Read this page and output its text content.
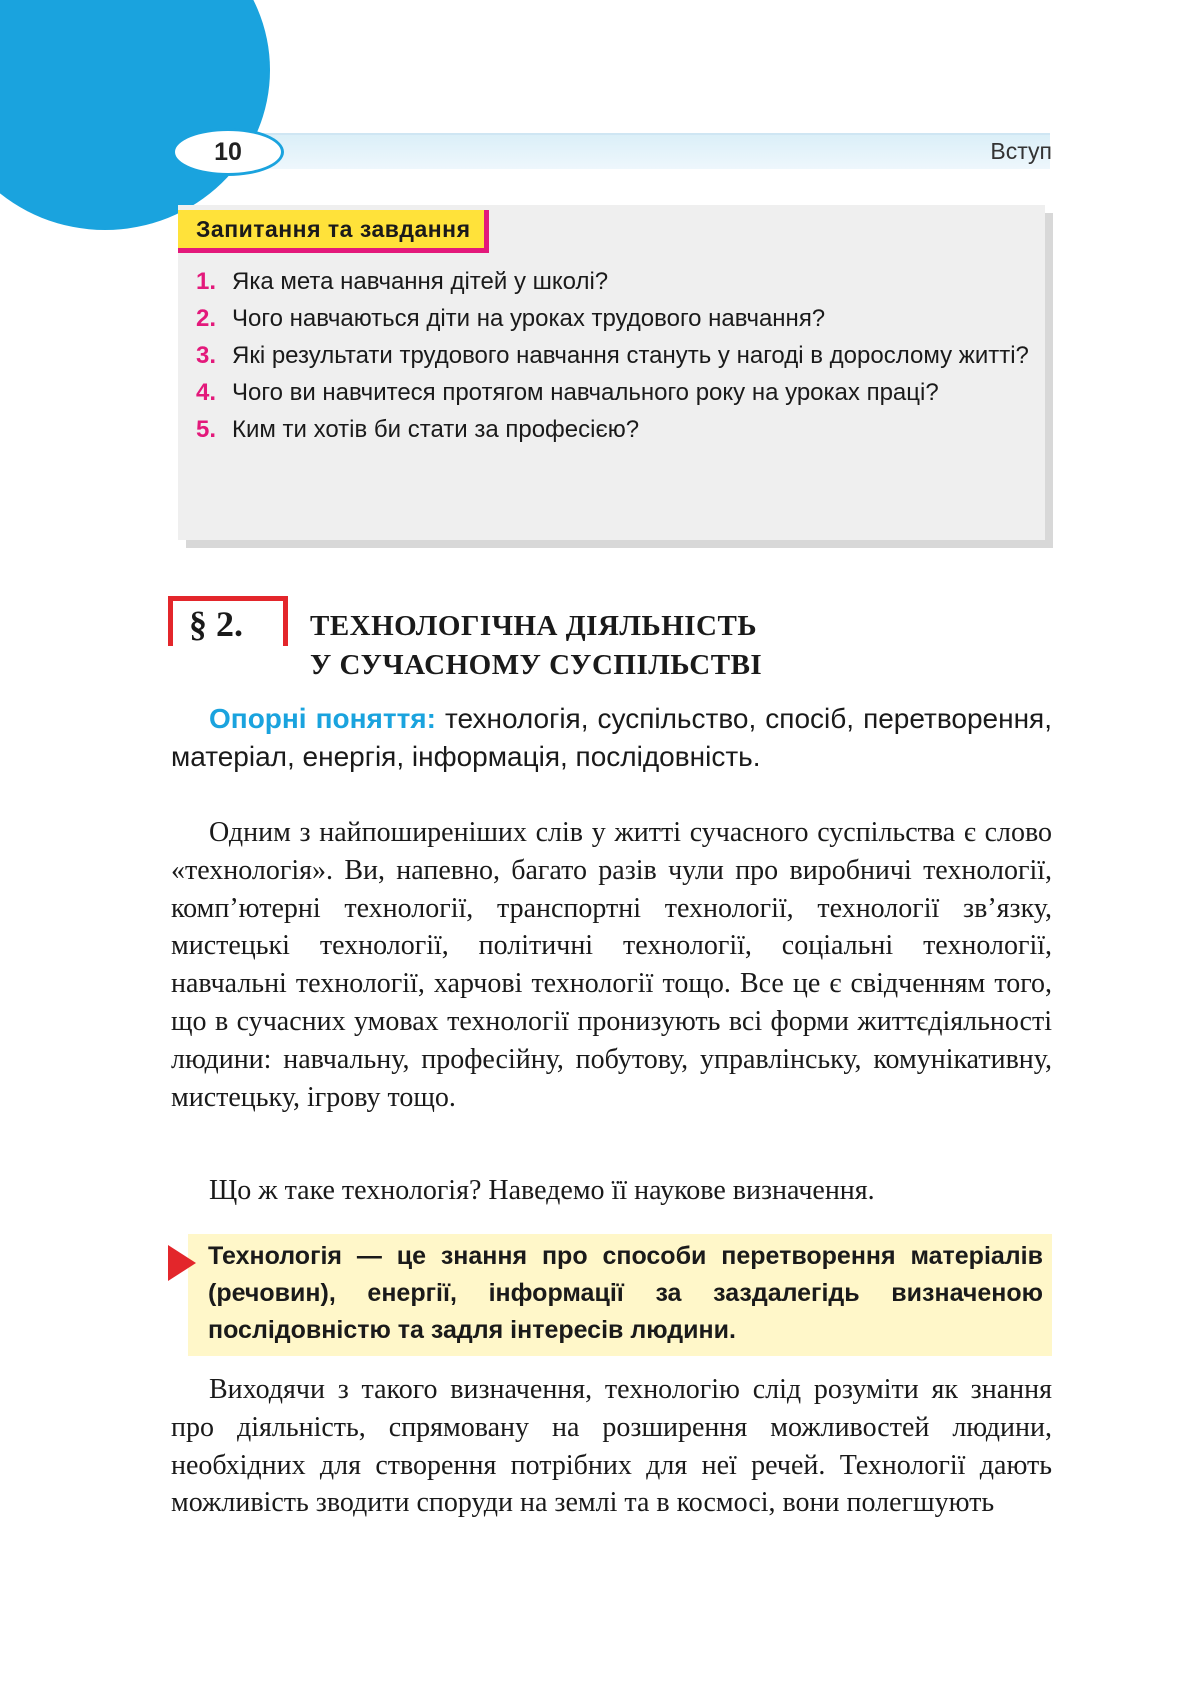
10	Вступ
Запитання та завдання
1. Яка мета навчання дітей у школі?
2. Чого навчаються діти на уроках трудового навчання?
3. Які результати трудового навчання стануть у нагоді в дорослому житті?
4. Чого ви навчитеся протягом навчального року на уроках праці?
5. Ким ти хотів би стати за професією?
§ 2.	ТЕХНОЛОГІЧНА ДІЯЛЬНІСТЬ
У СУЧАСНОМУ СУСПІЛЬСТВІ

Опорні поняття: технологія, суспільство, спосіб, перетворення, матеріал, енергія, інформація, послідовність.

Одним з найпоширеніших слів у житті сучасного суспільства є слово «технологія». Ви, напевно, багато разів чули про виробничі технології, комп’ютерні технології, транспортні технології, технології зв’язку, мистецькі технології, політичні технології, соціальні технології, навчальні технології, харчові технології тощо. Все це є свідченням того, що в сучасних умовах технології пронизують всі форми життєдіяльності людини: навчальну, професійну, побутову, управлінську, комунікативну, мистецьку, ігрову тощо.

Що ж таке технологія? Наведемо її наукове визначення.

Технологія — це знання про способи перетворення матеріалів (речовин), енергії, інформації за заздалегідь визначеною послідовністю та задля інтересів людини.

Виходячи з такого визначення, технологію слід розуміти як знання про діяльність, спрямовану на розширення можливостей людини, необхідних для створення потрібних для неї речей. Технології дають можливість зводити споруди на землі та в космосі, вони полегшують
